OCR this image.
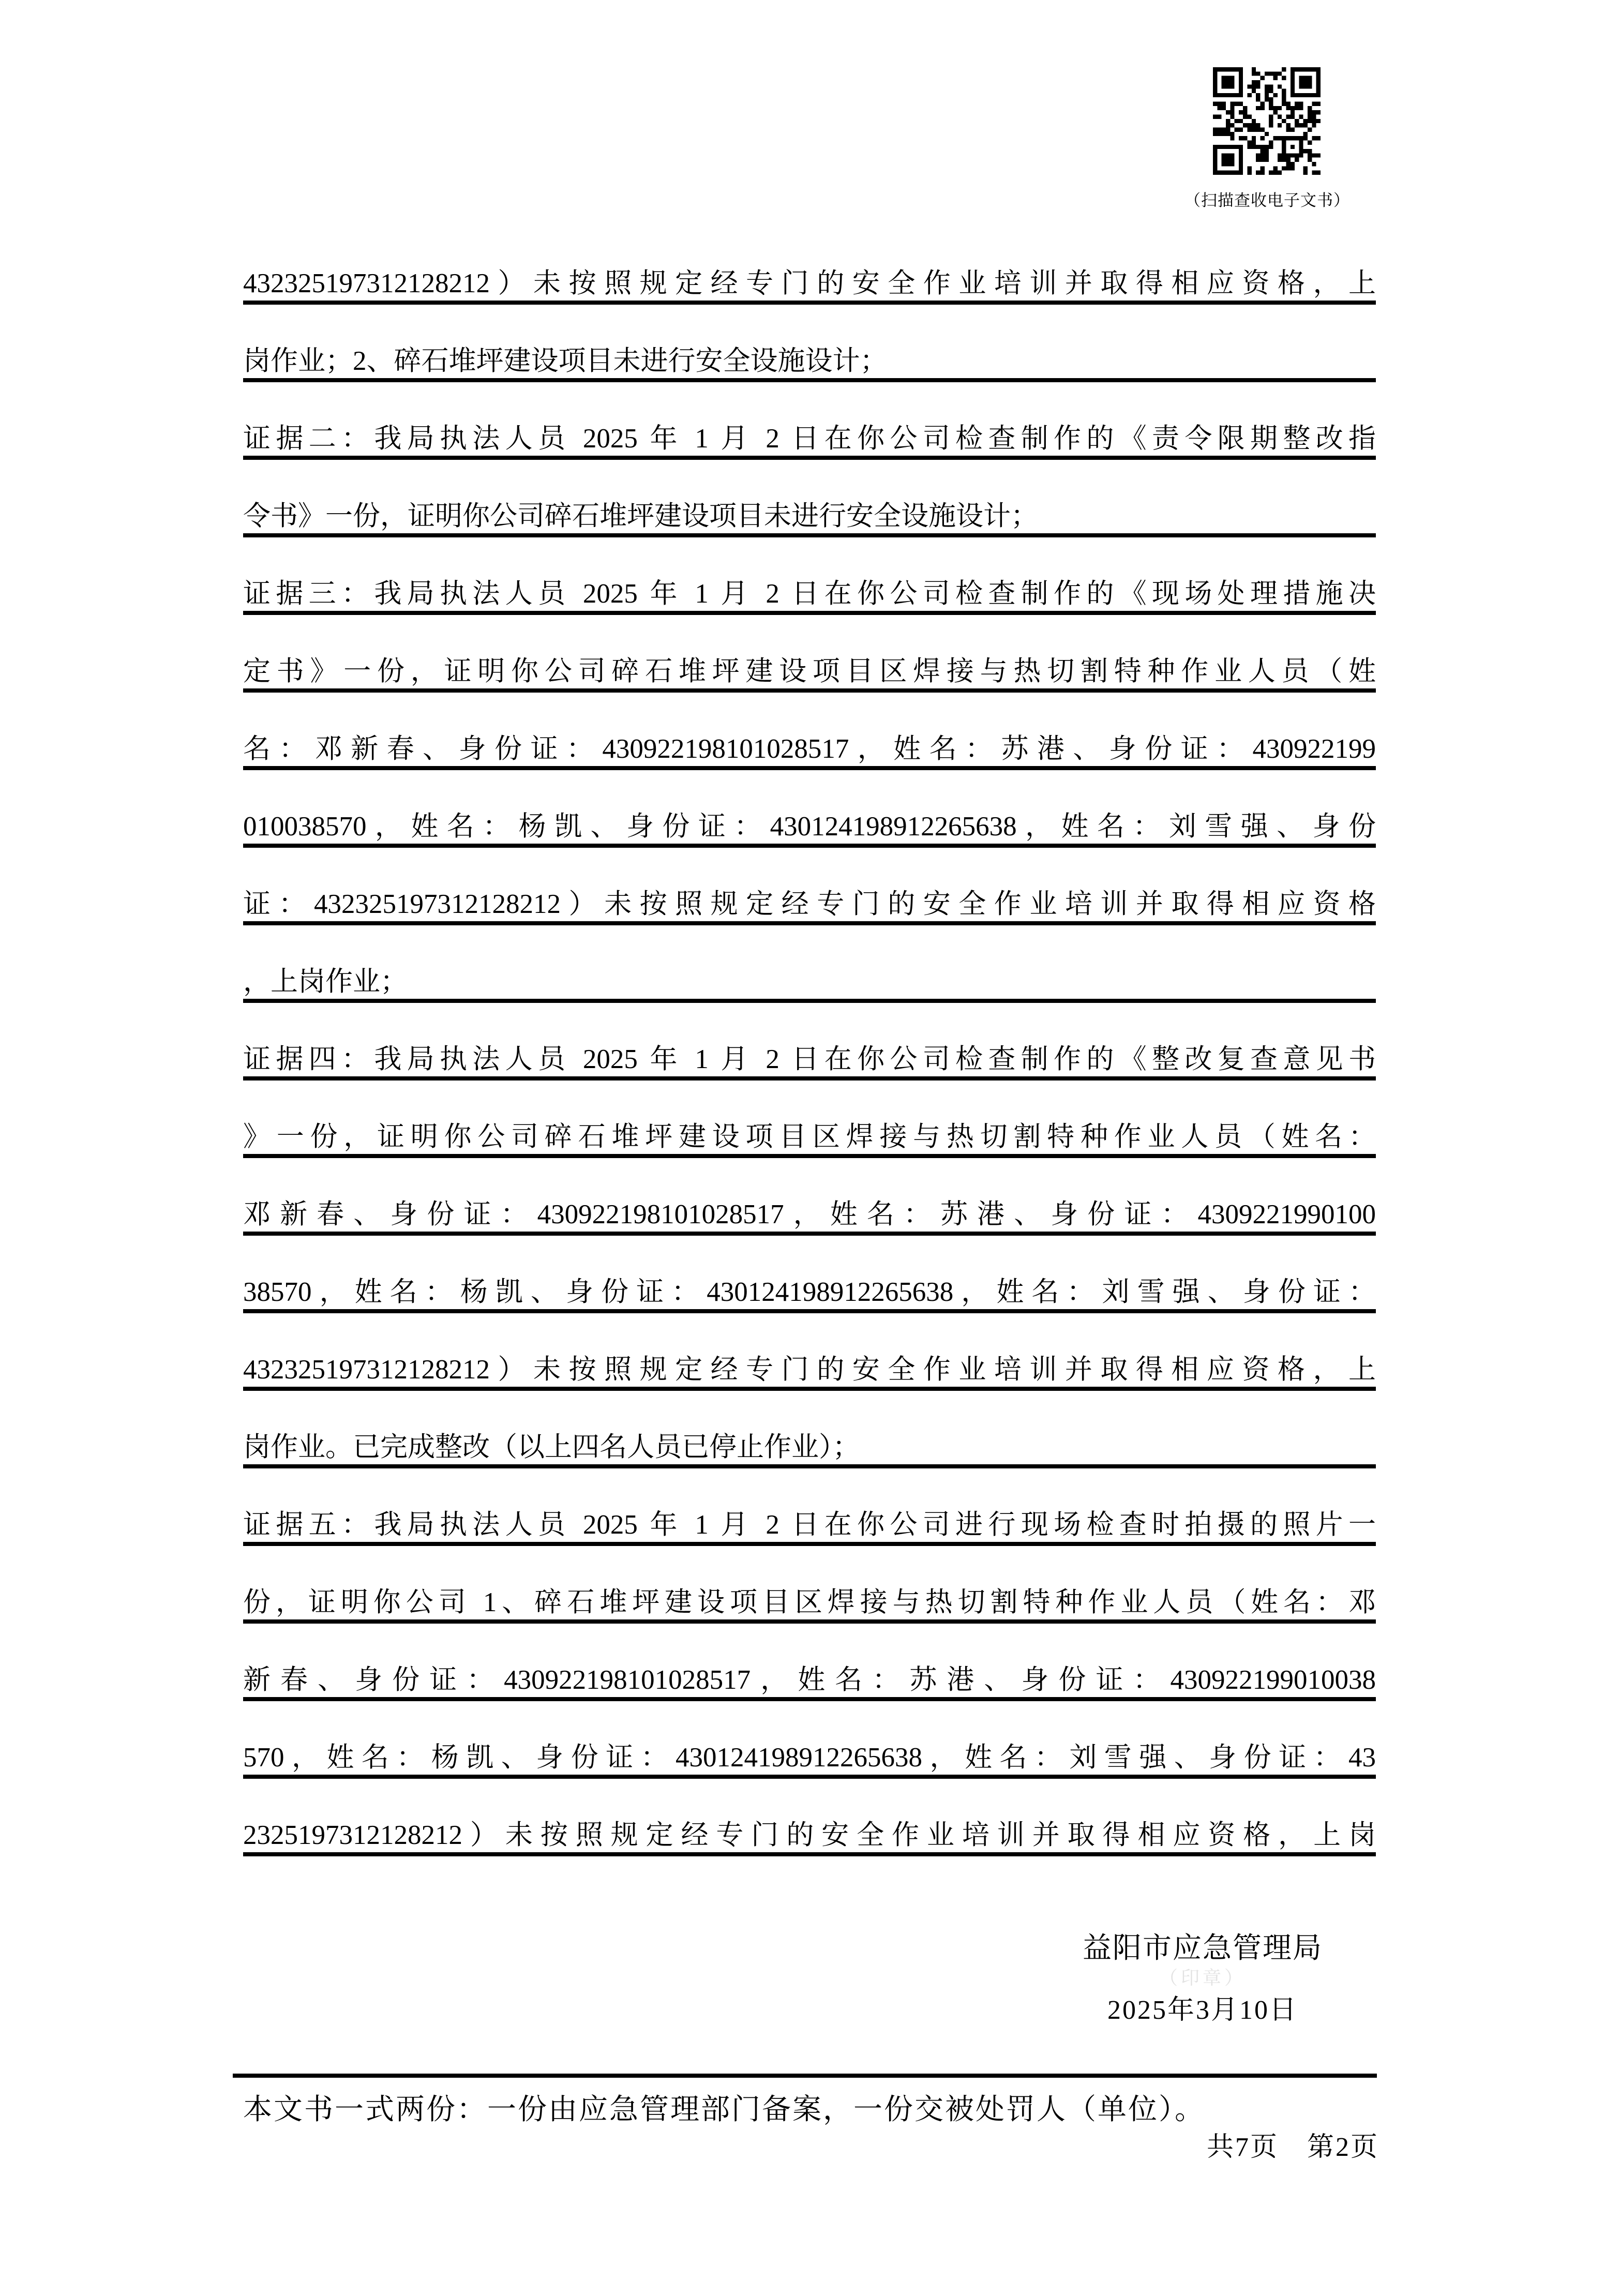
（扫描查收电子文书）
432325197312128212）未按照规定经专门的安全作业培训并取得相应资格，上
岗作业；2、碎石堆坪建设项目未进行安全设施设计；
证据二：我局执法人员 2025 年 1 月 2 日在你公司检查制作的《责令限期整改指
令书》一份，证明你公司碎石堆坪建设项目未进行安全设施设计；
证据三：我局执法人员 2025 年 1 月 2 日在你公司检查制作的《现场处理措施决
定书》一份，证明你公司碎石堆坪建设项目区焊接与热切割特种作业人员（姓
名：邓新春、身份证：430922198101028517，姓名：苏港、身份证：430922199
010038570，姓名：杨凯、身份证：430124198912265638，姓名：刘雪强、身份
证：432325197312128212）未按照规定经专门的安全作业培训并取得相应资格
，上岗作业；
证据四：我局执法人员 2025 年 1 月 2 日在你公司检查制作的《整改复查意见书
》一份，证明你公司碎石堆坪建设项目区焊接与热切割特种作业人员（姓名：
邓新春、身份证：430922198101028517，姓名：苏港、身份证：4309221990100
38570，姓名：杨凯、身份证：430124198912265638，姓名：刘雪强、身份证：
432325197312128212）未按照规定经专门的安全作业培训并取得相应资格，上
岗作业。已完成整改（以上四名人员已停止作业）；
证据五：我局执法人员 2025 年 1 月 2 日在你公司进行现场检查时拍摄的照片一
份，证明你公司 1、碎石堆坪建设项目区焊接与热切割特种作业人员（姓名：邓
新春、身份证：430922198101028517，姓名：苏港、身份证：430922199010038
570，姓名：杨凯、身份证：430124198912265638，姓名：刘雪强、身份证：43
2325197312128212）未按照规定经专门的安全作业培训并取得相应资格，上岗
益阳市应急管理局
（印章）
2025年3月10日
本文书一式两份：一份由应急管理部门备案，一份交被处罚人（单位）。
共7页　第2页
